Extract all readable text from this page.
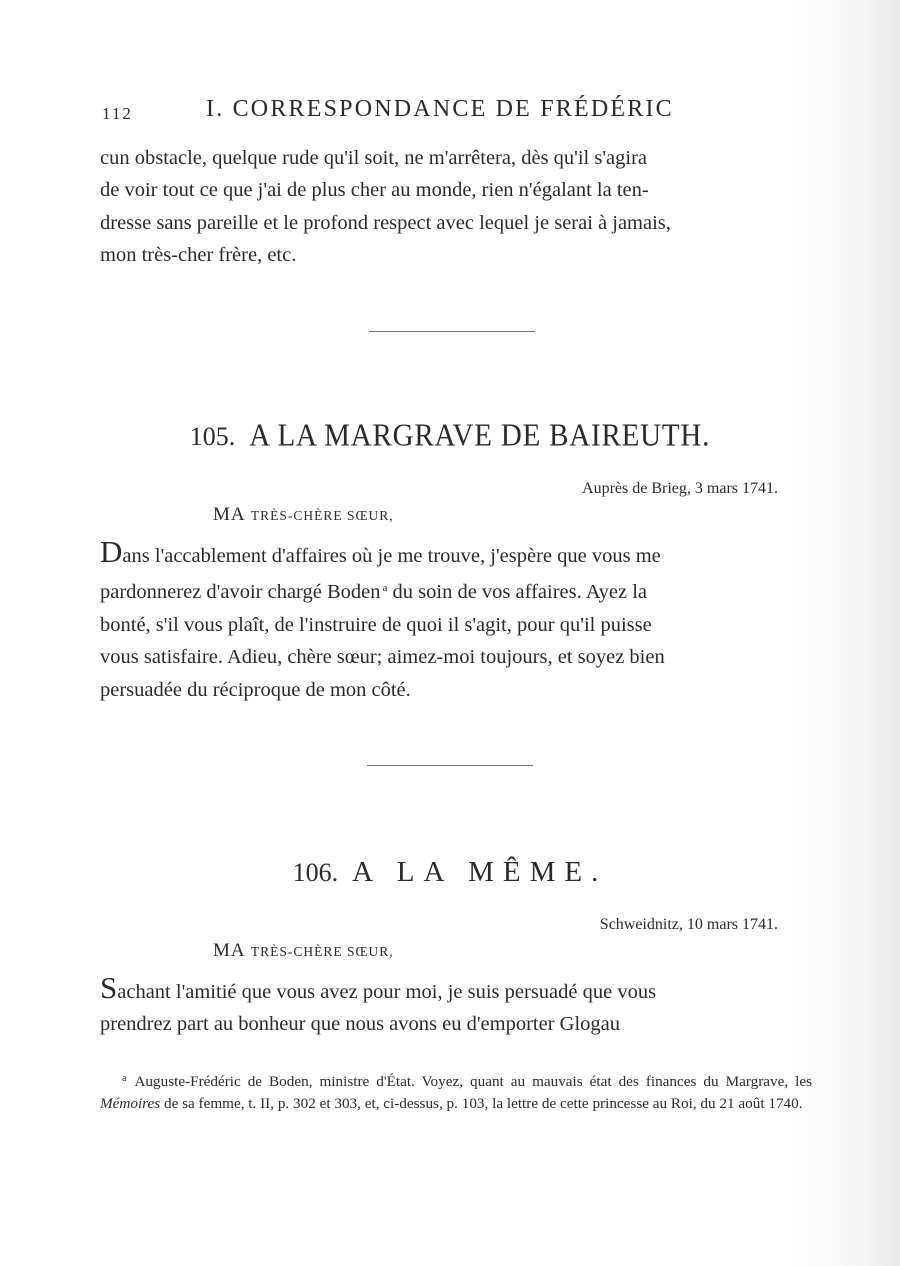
112	I. CORRESPONDANCE DE FRÉDÉRIC

cun obstacle, quelque rude qu'il soit, ne m'arrêtera, dès qu'il s'agira

de voir tout ce que j'ai de plus cher au monde, rien n'égalant la ten-

dresse sans pareille et le profond respect avec lequel je serai à jamais,

mon très-cher frère, etc.

105. A LA MARGRAVE DE BAIREUTH.
Auprès de Brieg, 3 mars 1741.
MA TRÈS-CHÈRE SŒUR,

Dans l'accablement d'affaires où je me trouve, j'espère que vous me

pardonnerez d'avoir chargé Boden $^a$ du soin de vos affaires. Ayez la

bonté, s'il vous plaît, de l'instruire de quoi il s'agit, pour qu'il puisse

vous satisfaire. Adieu, chère sœur; aimez-moi toujours, et soyez bien

persuadée du réciproque de mon côté.

106. A LA MÊME.
Schweidnitz, 10 mars 1741.
MA TRÈS-CHÈRE SŒUR,

Sachant l'amitié que vous avez pour moi, je suis persuadé que vous

prendrez part au bonheur que nous avons eu d'emporter Glogau

$^a$ Auguste-Frédéric de Boden, ministre d'État. Voyez, quant au mauvais état des finances du Margrave, les Mémoires de sa femme, t. II, p. 302 et 303, et, ci-dessus, p. 103, la lettre de cette princesse au Roi, du 21 août 1740.
